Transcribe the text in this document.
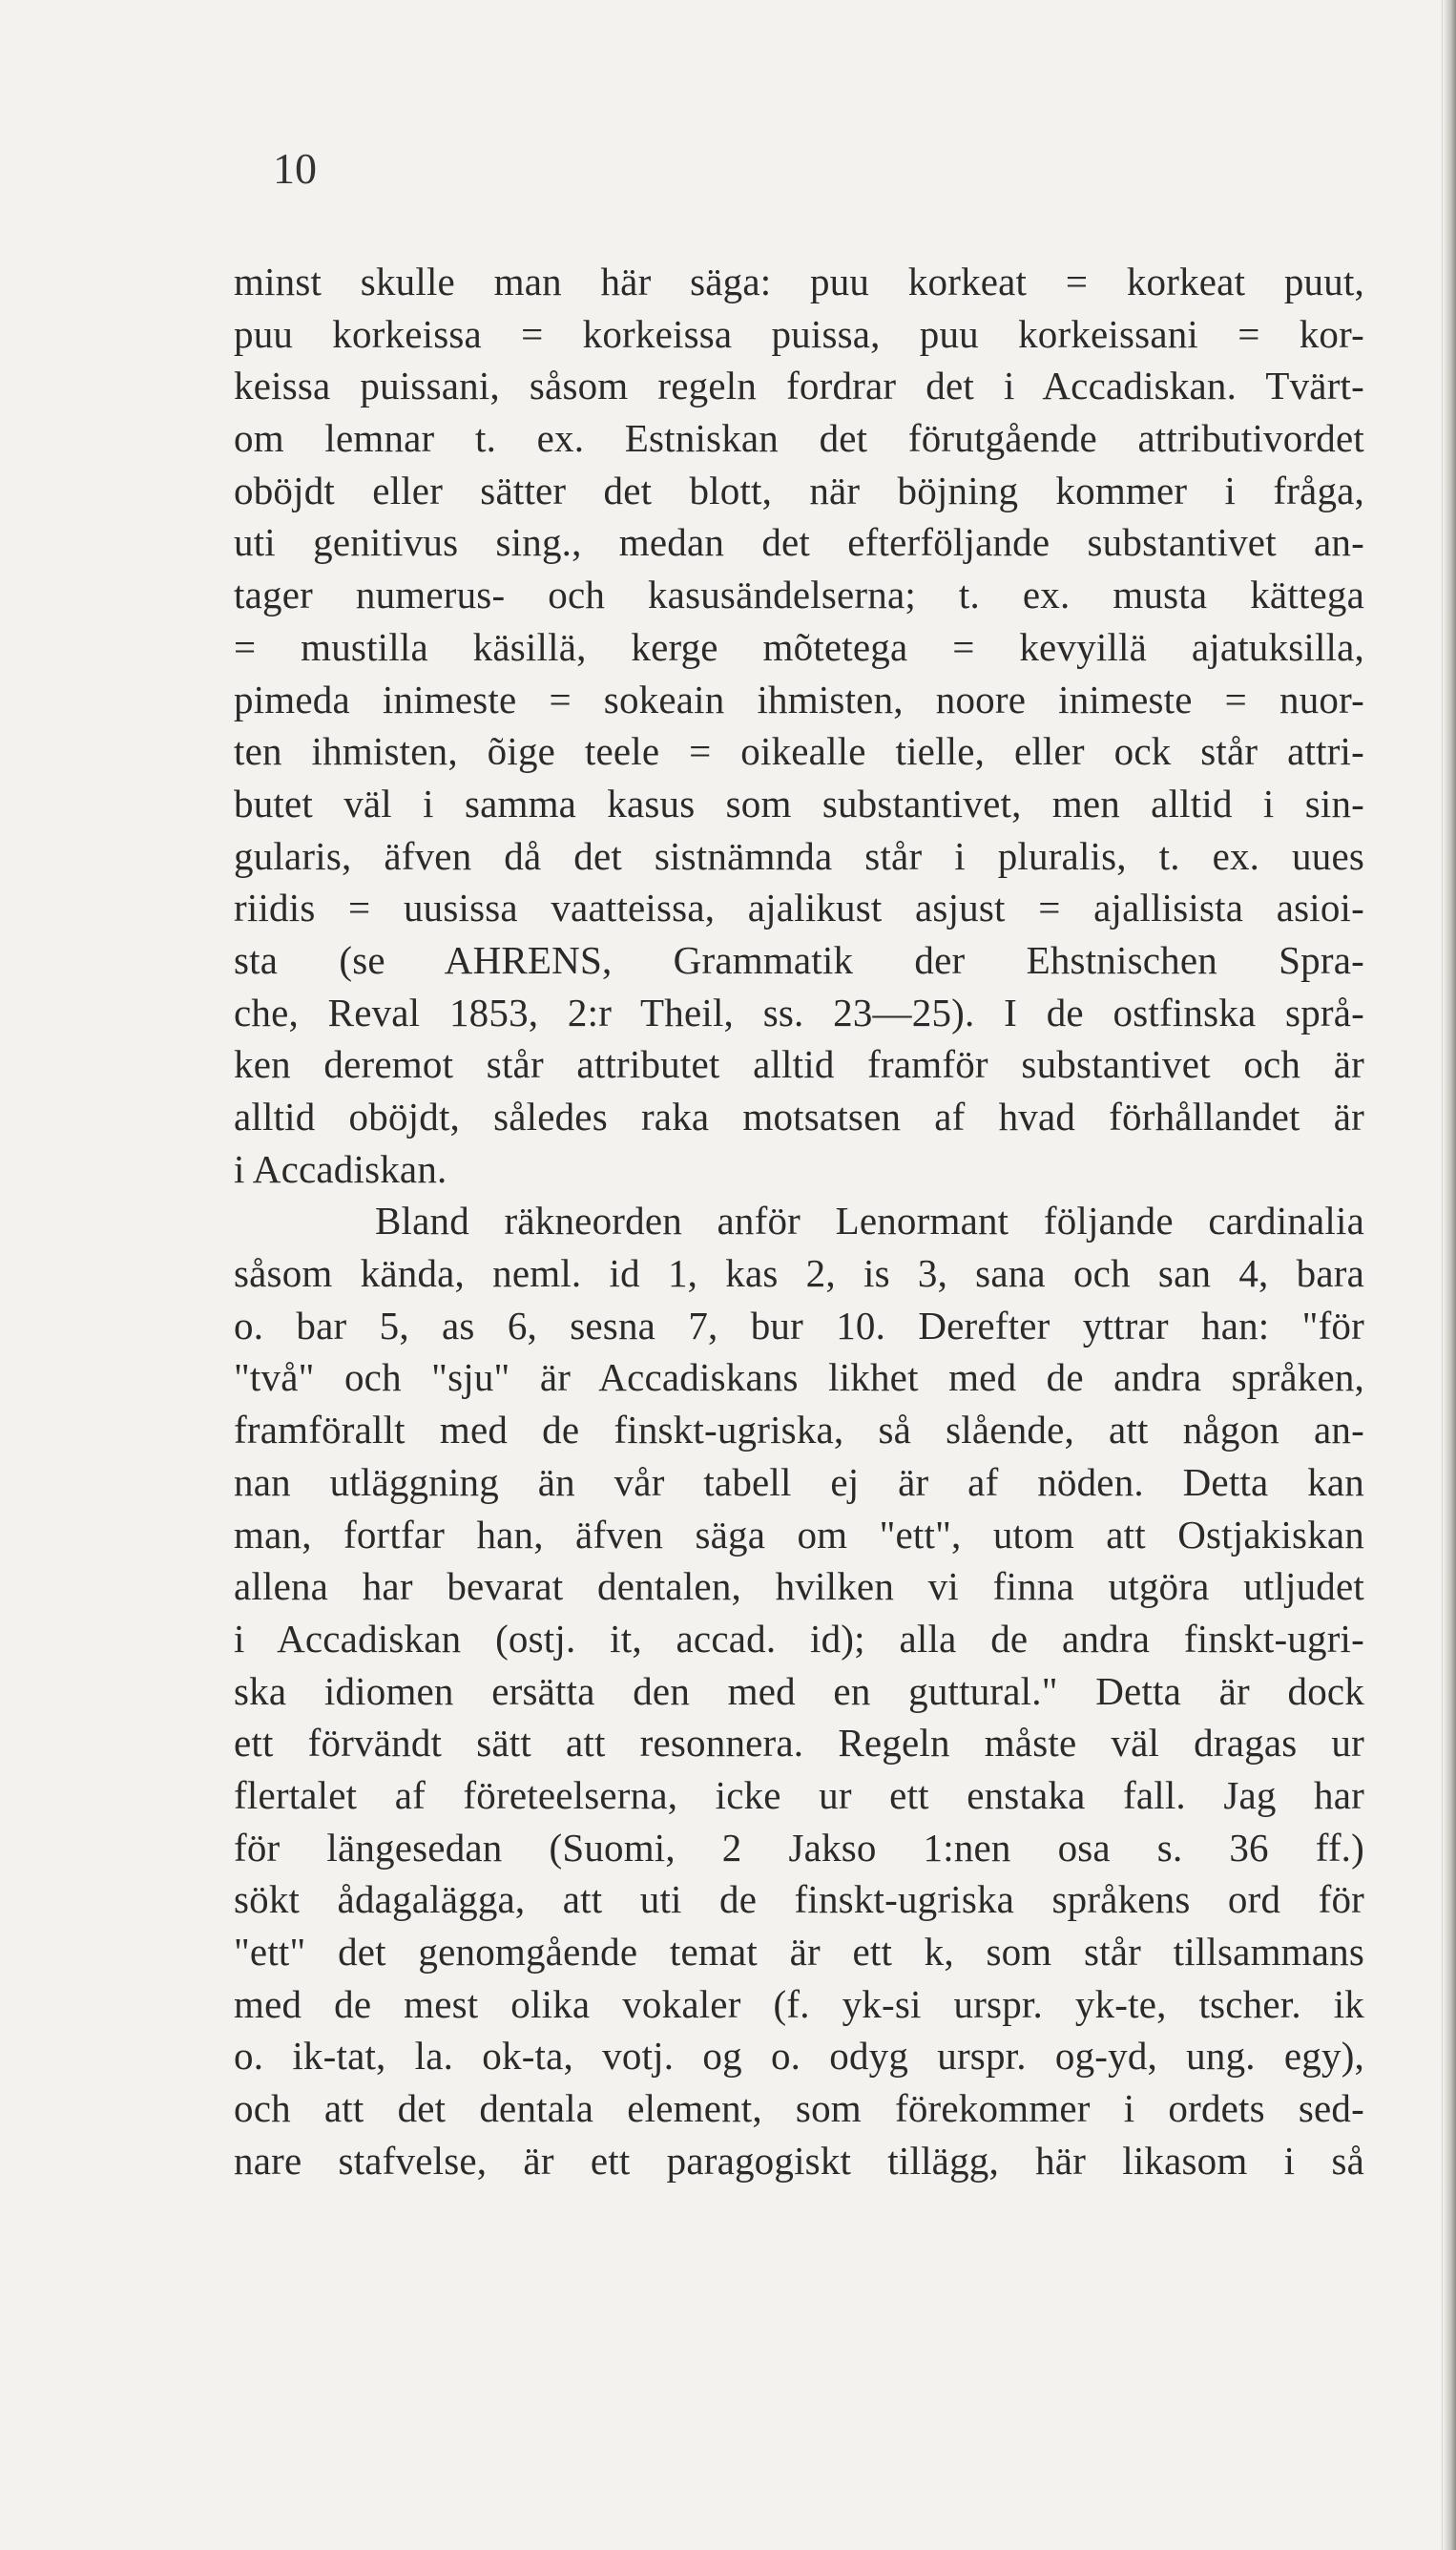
10
minst skulle man här säga: puu korkeat = korkeat puut,
puu korkeissa = korkeissa puissa, puu korkeissani = kor-
keissa puissani, såsom regeln fordrar det i Accadiskan. Tvärt-
om lemnar t. ex. Estniskan det förutgående attributivordet
oböjdt eller sätter det blott, när böjning kommer i fråga,
uti genitivus sing., medan det efterföljande substantivet an-
tager numerus- och kasusändelserna; t. ex. musta kättega
= mustilla käsillä, kerge mõtetega = kevyillä ajatuksilla,
pimeda inimeste = sokeain ihmisten, noore inimeste = nuor-
ten ihmisten, õige teele = oikealle tielle, eller ock står attri-
butet väl i samma kasus som substantivet, men alltid i sin-
gularis, äfven då det sistnämnda står i pluralis, t. ex. uues
riidis = uusissa vaatteissa, ajalikust asjust = ajallisista asioi-
sta (se AHRENS, Grammatik der Ehstnischen Spra-
che, Reval 1853, 2:r Theil, ss. 23—25). I de ostfinska språ-
ken deremot står attributet alltid framför substantivet och är
alltid oböjdt, således raka motsatsen af hvad förhållandet är
i Accadiskan.
Bland räkneorden anför Lenormant följande cardinalia
såsom kända, neml. id 1, kas 2, is 3, sana och san 4, bara
o. bar 5, as 6, sesna 7, bur 10. Derefter yttrar han: "för
"två" och "sju" är Accadiskans likhet med de andra språken,
framförallt med de finskt-ugriska, så slående, att någon an-
nan utläggning än vår tabell ej är af nöden. Detta kan
man, fortfar han, äfven säga om "ett", utom att Ostjakiskan
allena har bevarat dentalen, hvilken vi finna utgöra utljudet
i Accadiskan (ostj. it, accad. id); alla de andra finskt-ugri-
ska idiomen ersätta den med en guttural." Detta är dock
ett förvändt sätt att resonnera. Regeln måste väl dragas ur
flertalet af företeelserna, icke ur ett enstaka fall. Jag har
för längesedan (Suomi, 2 Jakso 1:nen osa s. 36 ff.)
sökt ådagalägga, att uti de finskt-ugriska språkens ord för
"ett" det genomgående temat är ett k, som står tillsammans
med de mest olika vokaler (f. yk-si urspr. yk-te, tscher. ik
o. ik-tat, la. ok-ta, votj. og o. odyg urspr. og-yd, ung. egy),
och att det dentala element, som förekommer i ordets sed-
nare stafvelse, är ett paragogiskt tillägg, här likasom i så
